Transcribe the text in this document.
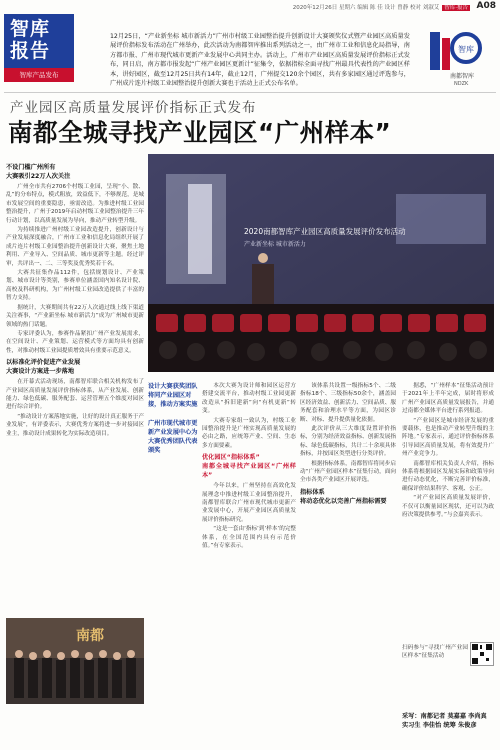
2020年12月26日 星期六 编辑 陈 佳 设计 曾静 校对 刘淑艾 智库·报告 A08
智库
报告
智库产品发布
12月25日，“产业新坐标 城市新活力”广州市村级工业园整治提升创新设计大赛颁奖仪式暨产业园区高质量发展评价指标发布活动在广州举办，此次活动为南都智库推出系列活动之一，由广州市工业和信息化局指导，南方都市报、广州市现代城市更新产业发展中心共同主办。活动上，广州市产业园区高质量发展评价指标正式发布，同日启，南方都市报发起“广州产业园区更新计”征集令，依据指标全面寻找广州最具代表性的产业园区样本，讲好园区，截至12月25日共有14年，截止12月，广州提交120余个园区，共有多家园区通过评选参与，广州成片连片村级工业园整治提升创新大赛也于活动上正式公布名单。
智库
南都智库
NDZK
产业园区高质量发展评价指标正式发布
南都全城寻找产业园区“广州样本”
不设门槛广州所有
大赛吸引22万人次关注

广州全市共有2706个村级工业园，呈现“小、散、乱”的分布特点，模式粗放，效益低下，不够规范，是城市发展空间的重要隐患，亟需改造。为推进村级工业园整治提升，广州于2019年启动村级工业园整治提升三年行动计划，以高质量发展为导向，推动产业转型升级。

为持续推进广州村级工业园改造提升，创新设计与产业发展深度融合，广州市工业和信息化局组织开展了成片连片村级工业园整治提升创新设计大赛，聚焦土地利用、产业导入、空间品质、城市更新等主题。经过评审，共评出一、二、三等奖及优秀奖若干名。

大赛共征集作品112件，包括规划设计、产业策划、城市设计等类别，参赛单位涵盖国内知名设计院、高校及科研机构，为广州村级工业园改造提供了丰富的智力支持。

据统计，大赛期间共有22万人次通过线上线下渠道关注赛事，“产业新坐标 城市新活力”成为广州城市更新领域的热门话题。

专家评委认为，参赛作品紧扣广州产业发展需求，在空间设计、产业策划、运营模式等方面均具有创新性，对推动村级工业园提质增效具有重要示范意义。

以标准化评价促进产业发展
大赛设计方案进一步落地

在开幕式活动现场，南都智库联合相关机构发布了产业园区高质量发展评价指标体系，从产业发展、创新能力、绿色低碳、服务配套、运营管理五个维度对园区进行综合评价。

“推动设计方案落地实施，让好的设计真正服务于产业发展”，有评委表示，大赛优秀方案将进一步对接园区业主，推动设计成果转化为实际改造项目。

2020南都智库产业园区高质量发展评价发布活动
产业新坐标 城市新活力
设计大赛获奖团队将同产业园区对接，推动方案实施
广州市现代城市更新产业发展中心为大赛优秀团队代表颁奖

本次大赛为设计师和园区运营方搭建交流平台，推动村级工业园更新改造从“拆旧建新”向“有机更新”转变。

大赛专家组一致认为，村级工业园整治提升是广州实现高质量发展的必由之路，应统筹产业、空间、生态多方面要素。

优化园区“指标体系”
南都全城寻找产业园区“广州样本”

今年以来，广州坚持在高效化发展理念中推进村级工业园整治提升，南都智库联合广州市现代城市更新产业发展中心，开展产业园区高质量发展评价指标研究。

“这是一套由‘指标’到‘样本’的完整体系，在全国范围内具有示范价值。”有专家表示。

该体系共设置一级指标5个、二级指标18个、三级指标50余个，涵盖园区经济效益、创新活力、空间品质、服务配套和治理水平等方面，为园区诊断、对标、提升提供量化依据。

此次评价从三大维度设置评价指标，分别为经济效益指标、创新发展指标、绿色低碳指标，共计二十余项具体指标，并按园区类型进行分类评价。

根据指标体系，南都智库将同步启动“广州产业园区样本”征集行动，面向全市各类产业园区开展评选。

指标体系
将动态优化以完善广州指标需要

据悉，“广州样本”征集活动预计于2021年上半年完成，届时将形成广州产业园区高质量发展报告，并通过南都全媒体平台进行系列报道。

“产业园区是城市经济发展的重要载体，也是推动产业转型升级的主阵地。”专家表示，通过评价指标体系引导园区高质量发展，将有效提升广州产业竞争力。

南都智库相关负责人介绍，指标体系将根据园区发展实际和政策导向进行动态优化，不断完善评价标准，确保评价结果科学、客观、公正。

“对产业园区高质量发展评价，不仅可以衡量园区现状，还可以为政府决策提供参考。”与会嘉宾表示。

扫码参与“寻找广州产业园区样本”征集活动
采写：南都记者 莫嘉嘉 李尚真 实习生 李佳怡 统筹 朱俊彦
南都
